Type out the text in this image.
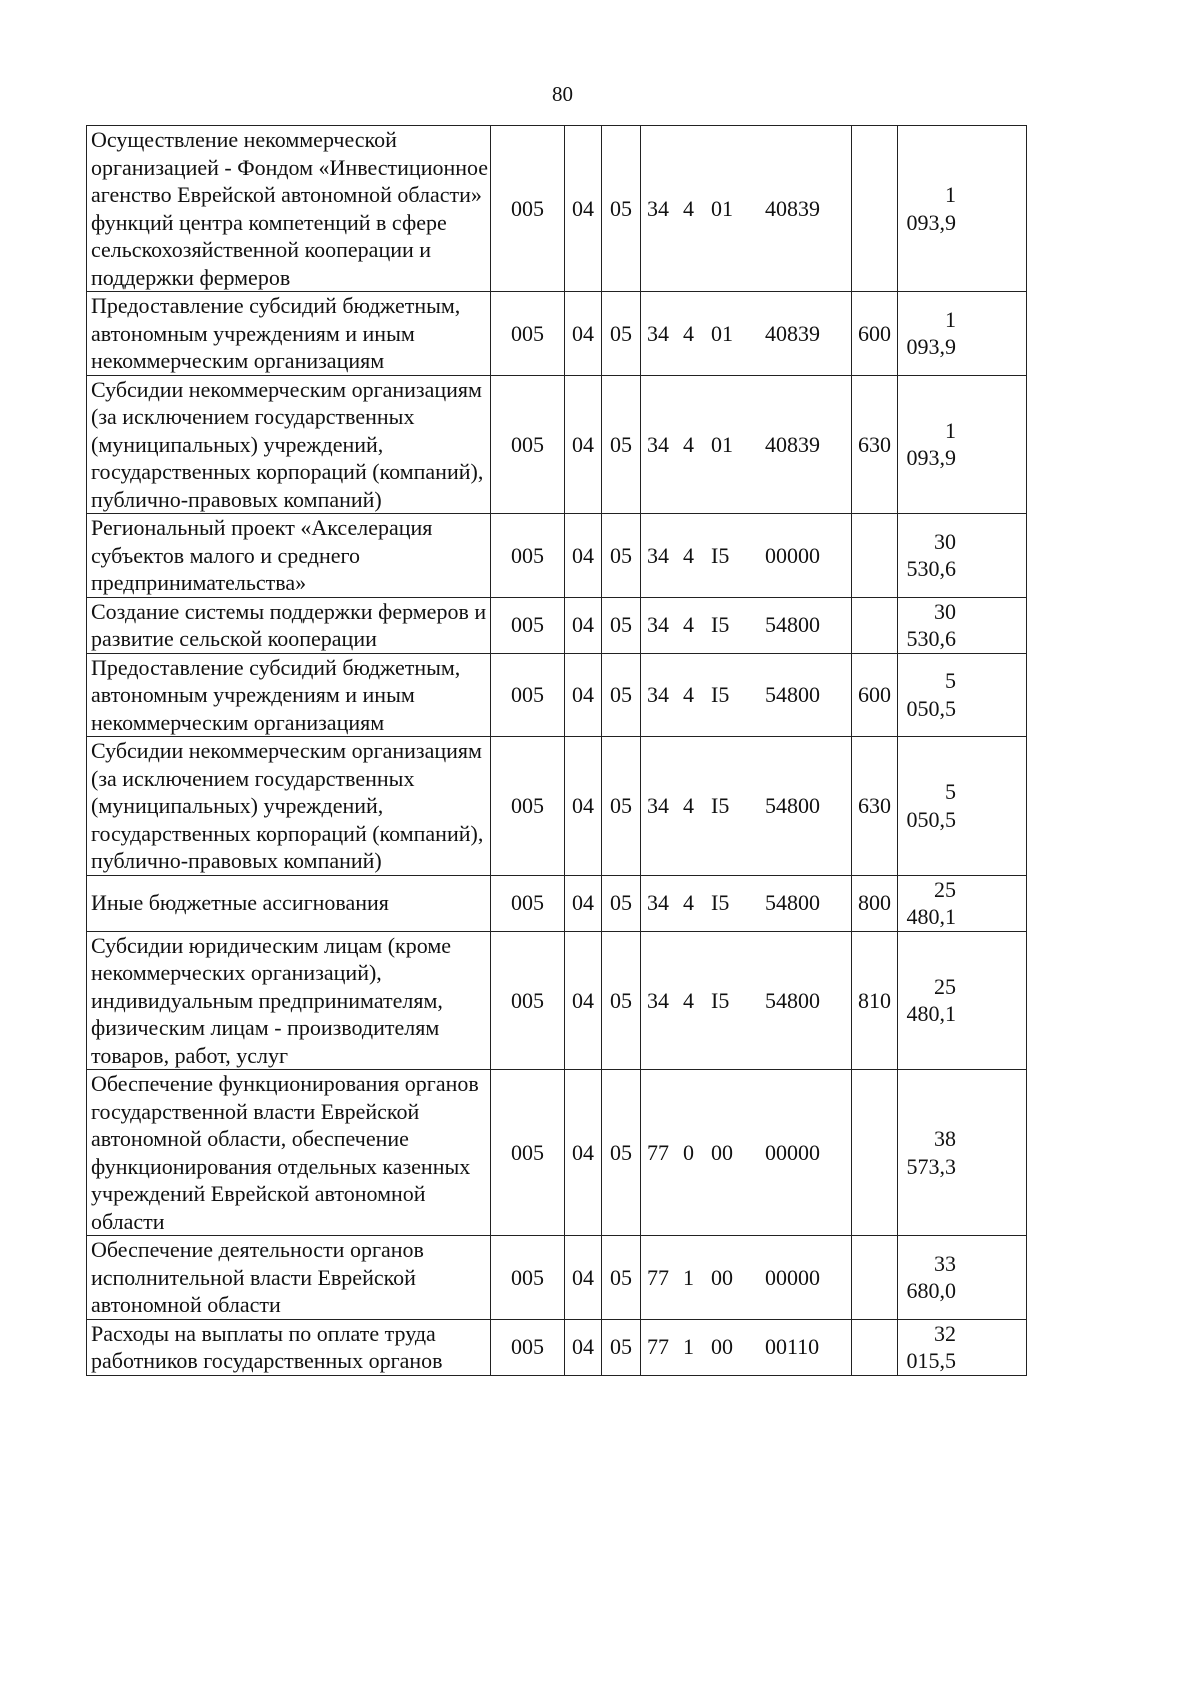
80
Осуществление некоммерческой организацией - Фондом «Инвестиционное агенство Еврейской автономной области» функций центра компетенций в сфере сельскохозяйственной кооперации и поддержки фермеров	005	04	05	34 4 01 40839		1 093,9
Предоставление субсидий бюджетным, автономным учреждениям и иным некоммерческим организациям	005	04	05	34 4 01 40839	600	1 093,9
Субсидии некоммерческим организациям (за исключением государственных (муниципальных) учреждений, государственных корпораций (компаний), публично-правовых компаний)	005	04	05	34 4 01 40839	630	1 093,9
Региональный проект «Акселерация субъектов малого и среднего предпринимательства»	005	04	05	34 4 I5 00000		30 530,6
Создание системы поддержки фермеров и развитие сельской кооперации	005	04	05	34 4 I5 54800		30 530,6
Предоставление субсидий бюджетным, автономным учреждениям и иным некоммерческим организациям	005	04	05	34 4 I5 54800	600	5 050,5
Субсидии некоммерческим организациям (за исключением государственных (муниципальных) учреждений, государственных корпораций (компаний), публично-правовых компаний)	005	04	05	34 4 I5 54800	630	5 050,5
Иные бюджетные ассигнования	005	04	05	34 4 I5 54800	800	25 480,1
Субсидии юридическим лицам (кроме некоммерческих организаций), индивидуальным предпринимателям, физическим лицам - производителям товаров, работ, услуг	005	04	05	34 4 I5 54800	810	25 480,1
Обеспечение функционирования органов государственной власти Еврейской автономной области, обеспечение функционирования отдельных казенных учреждений Еврейской автономной области	005	04	05	77 0 00 00000		38 573,3
Обеспечение деятельности органов исполнительной власти Еврейской автономной области	005	04	05	77 1 00 00000		33 680,0
Расходы на выплаты по оплате труда работников государственных органов	005	04	05	77 1 00 00110		32 015,5
